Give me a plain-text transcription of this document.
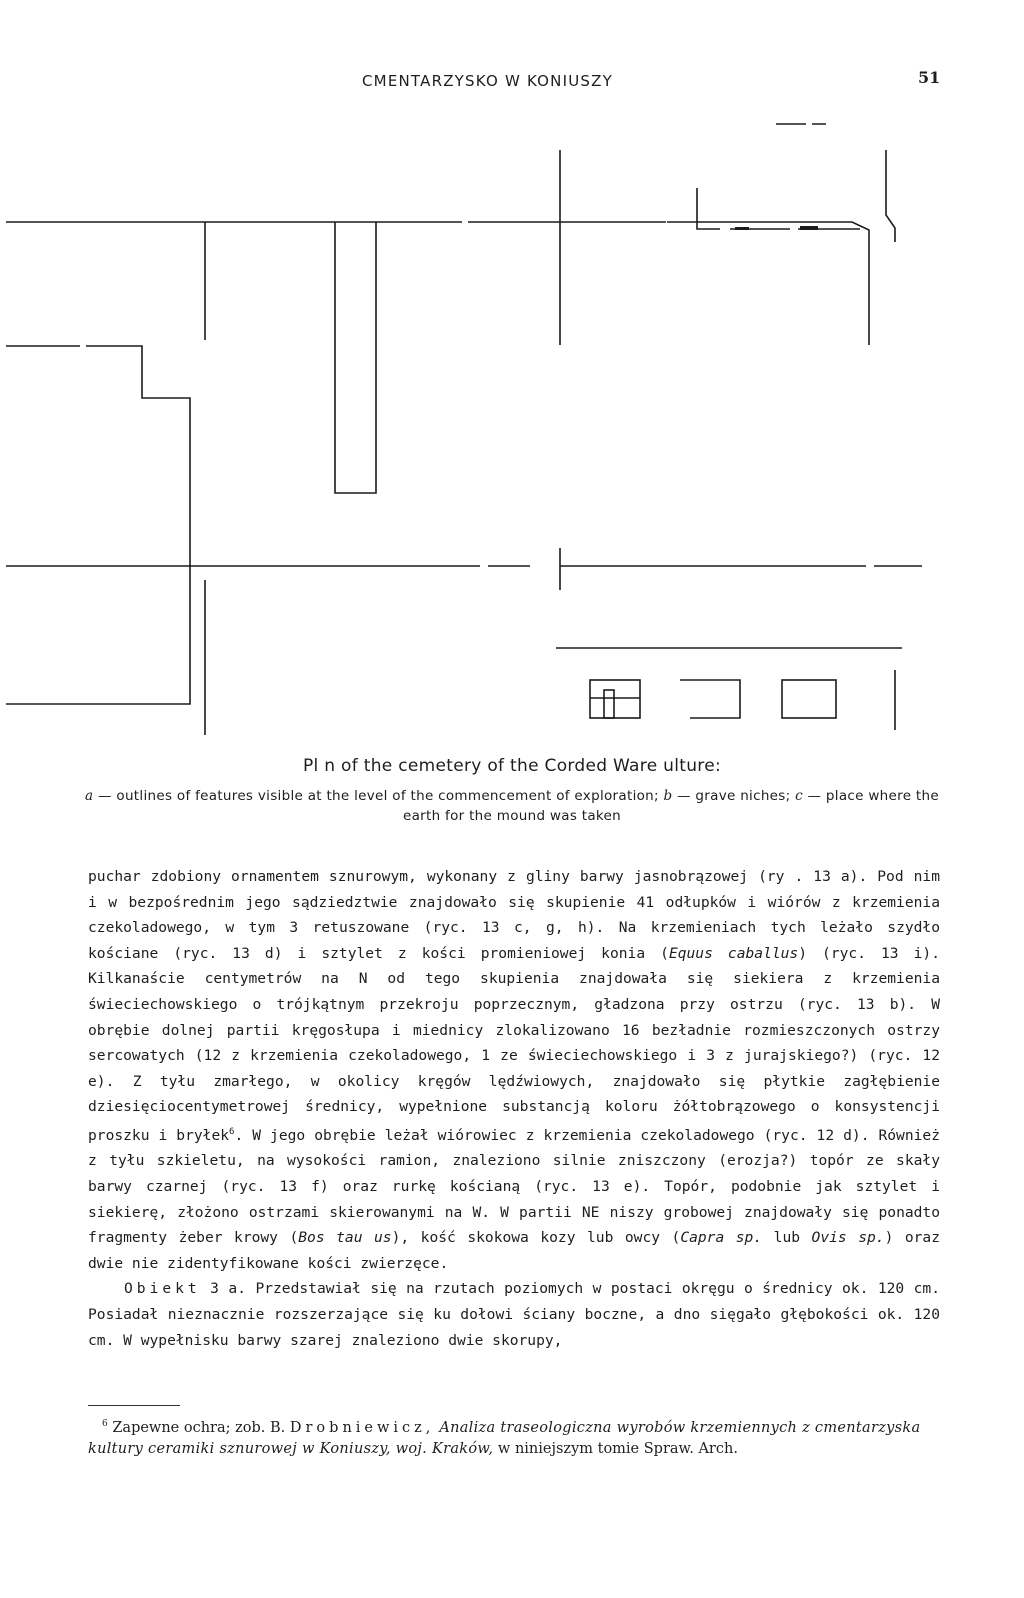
CMENTARZYSKO W KONIUSZY	51
Pl n of the cemetery of the Corded Ware ulture:
a — outlines of features visible at the level of the commencement of exploration; b — grave niches; c — place where the earth for the mound was taken

puchar zdobiony ornamentem sznurowym, wykonany z gliny barwy jasnobrązowej (ry . 13 a). Pod nim i w bezpośrednim jego sądziedztwie znajdowało się skupienie 41 odłupków i wiórów z krzemienia czekoladowego, w tym 3 retuszowane (ryc. 13 c, g, h). Na krzemieniach tych leżało szydło kościane (ryc. 13 d) i sztylet z kości promieniowej konia (Equus caballus) (ryc. 13 i). Kilkanaście centymetrów na N od tego skupienia znajdowała się siekiera z krzemienia świeciechowskiego o trójkątnym przekroju poprzecznym, gładzona przy ostrzu (ryc. 13 b). W obrębie dolnej partii kręgosłupa i miednicy zlokalizowano 16 bezładnie rozmieszczonych ostrzy sercowatych (12 z krzemienia czekoladowego, 1 ze świeciechowskiego i 3 z jurajskiego?) (ryc. 12 e). Z tyłu zmarłego, w okolicy kręgów lędźwiowych, znajdowało się płytkie zagłębienie dziesięciocentymetrowej średnicy, wypełnione substancją koloru żółtobrązowego o konsystencji proszku i bryłek$^6$. W jego obrębie leżał wiórowiec z krzemienia czekoladowego (ryc. 12 d). Również z tyłu szkieletu, na wysokości ramion, znaleziono silnie zniszczony (erozja?) topór ze skały barwy czarnej (ryc. 13 f) oraz rurkę kościaną (ryc. 13 e). Topór, podobnie jak sztylet i siekierę, złożono ostrzami skierowanymi na W. W partii NE niszy grobowej znajdowały się ponadto fragmenty żeber krowy (Bos tau us), kość skokowa kozy lub owcy (Capra sp. lub Ovis sp.) oraz dwie nie zidentyfikowane kości zwierzęce.

Obiekt 3 a. Przedstawiał się na rzutach poziomych w postaci okręgu o średnicy ok. 120 cm. Posiadał nieznacznie rozszerzające się ku dołowi ściany boczne, a dno sięgało głębokości ok. 120 cm. W wypełnisku barwy szarej znaleziono dwie skorupy,

$^6$ Zapewne ochra; zob. B. Drobniewicz, Analiza traseologiczna wyrobów krzemiennych z cmentarzyska kultury ceramiki sznurowej w Koniuszy, woj. Kraków, w niniejszym tomie Spraw. Arch.
